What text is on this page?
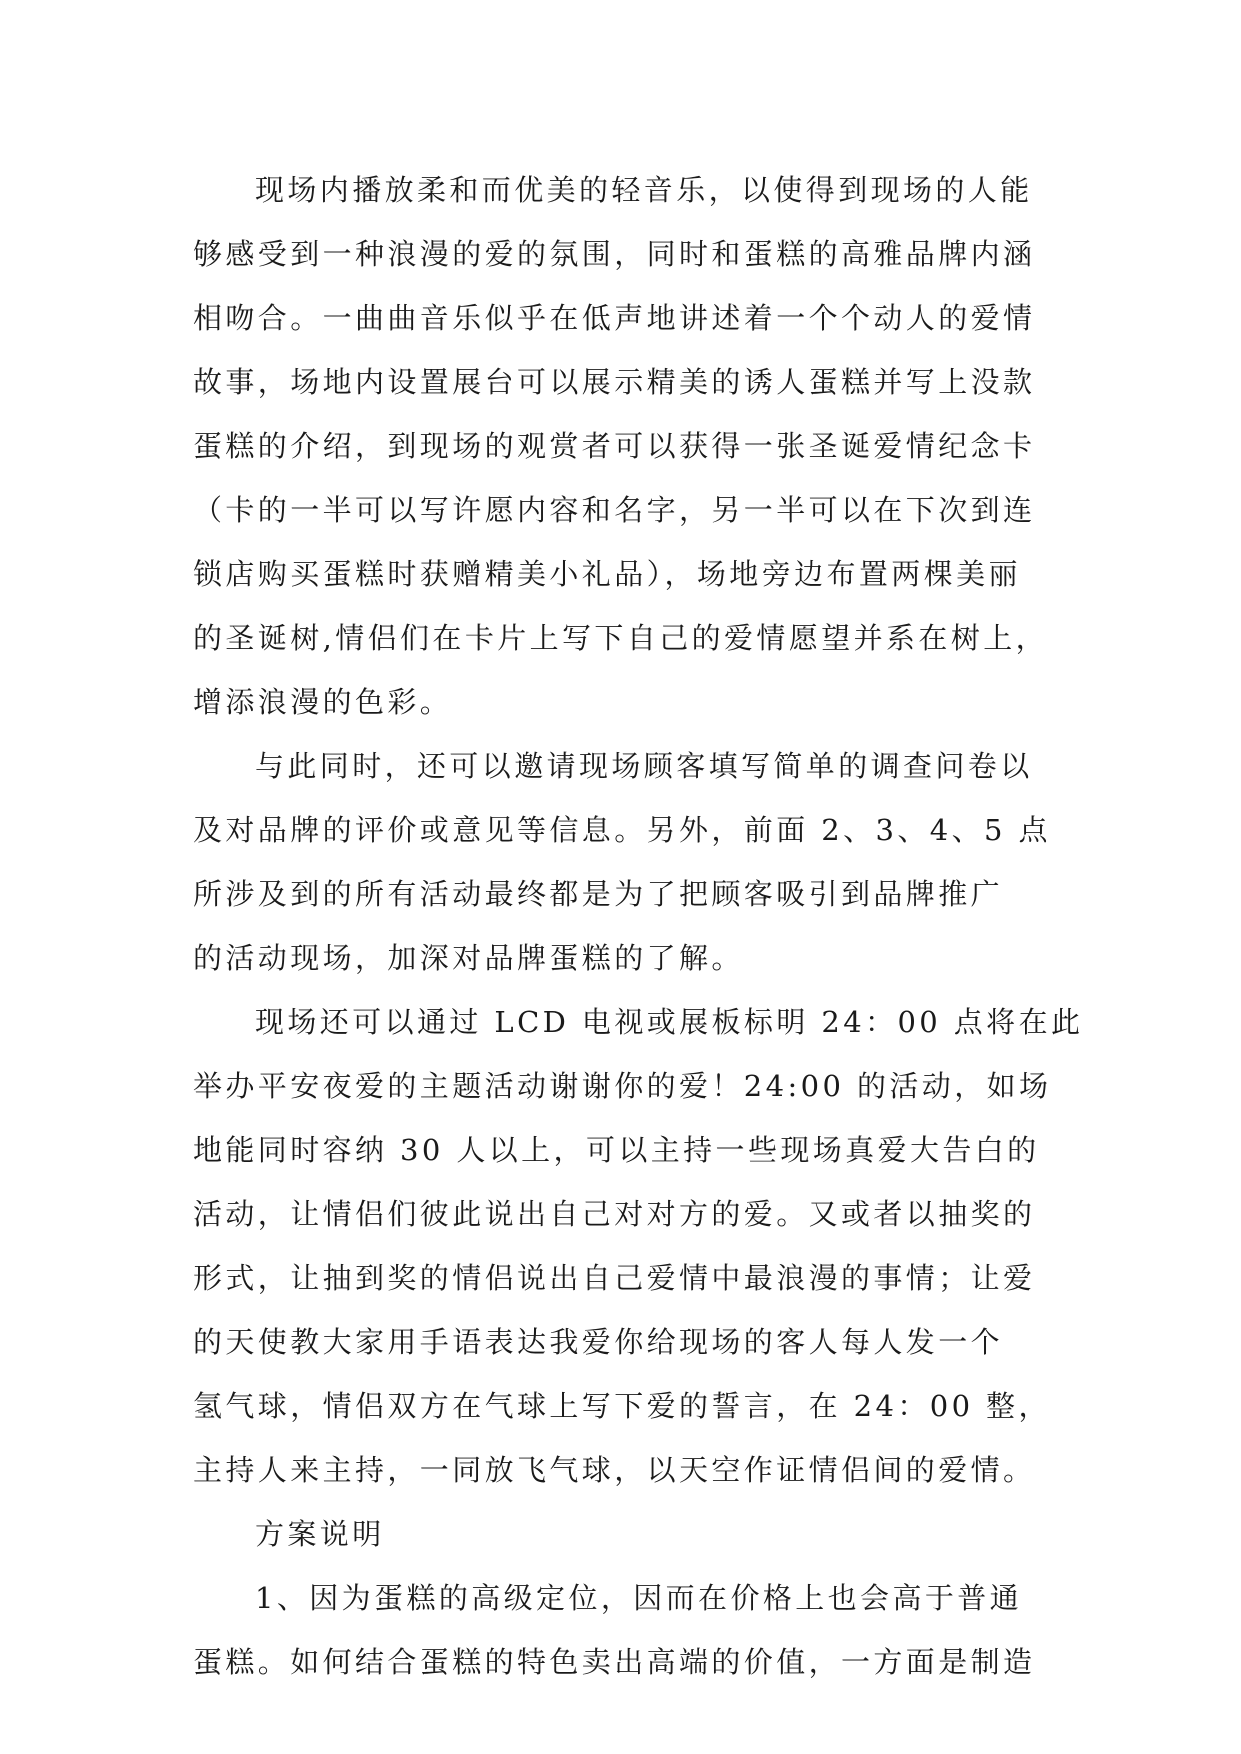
现场内播放柔和而优美的轻音乐，以使得到现场的人能
够感受到一种浪漫的爱的氛围，同时和蛋糕的高雅品牌内涵
相吻合。一曲曲音乐似乎在低声地讲述着一个个动人的爱情
故事，场地内设置展台可以展示精美的诱人蛋糕并写上没款
蛋糕的介绍，到现场的观赏者可以获得一张圣诞爱情纪念卡
（卡的一半可以写许愿内容和名字，另一半可以在下次到连
锁店购买蛋糕时获赠精美小礼品），场地旁边布置两棵美丽
的圣诞树,情侣们在卡片上写下自己的爱情愿望并系在树上，
增添浪漫的色彩。
与此同时，还可以邀请现场顾客填写简单的调查问卷以
及对品牌的评价或意见等信息。另外，前面 2、3、4、5 点
所涉及到的所有活动最终都是为了把顾客吸引到品牌推广
的活动现场，加深对品牌蛋糕的了解。
现场还可以通过 LCD 电视或展板标明 24：00 点将在此
举办平安夜爱的主题活动谢谢你的爱！24:00 的活动，如场
地能同时容纳 30 人以上，可以主持一些现场真爱大告白的
活动，让情侣们彼此说出自己对对方的爱。又或者以抽奖的
形式，让抽到奖的情侣说出自己爱情中最浪漫的事情；让爱
的天使教大家用手语表达我爱你给现场的客人每人发一个
氢气球，情侣双方在气球上写下爱的誓言，在 24：00 整，
主持人来主持，一同放飞气球，以天空作证情侣间的爱情。
方案说明
1、因为蛋糕的高级定位，因而在价格上也会高于普通
蛋糕。如何结合蛋糕的特色卖出高端的价值，一方面是制造
